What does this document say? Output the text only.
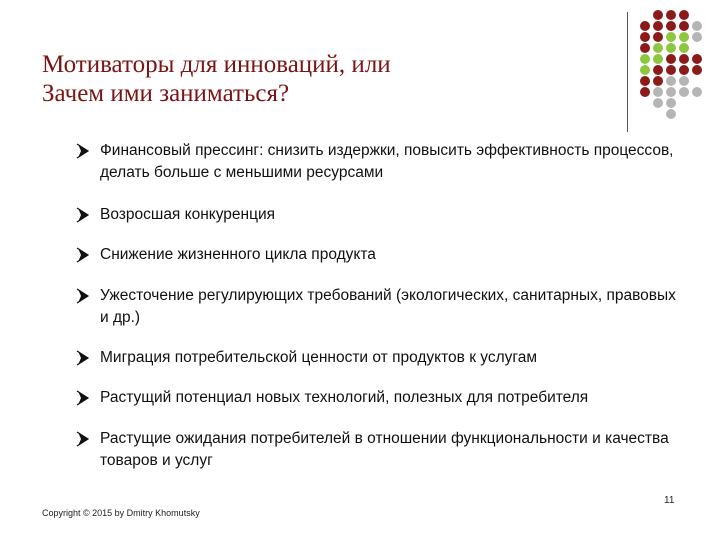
Мотиваторы для инноваций, или
Зачем ими заниматься?
Финансовый прессинг: снизить издержки, повысить эффективность процессов, делать больше с меньшими ресурсами
Возросшая конкуренция
Снижение жизненного цикла продукта
Ужесточение регулирующих требований (экологических, санитарных, правовых и др.)
Миграция потребительской ценности от продуктов к услугам
Растущий потенциал новых технологий, полезных для потребителя
Растущие ожидания потребителей в отношении функциональности и качества товаров и услуг
11
Copyright © 2015 by Dmitry Khomutsky
